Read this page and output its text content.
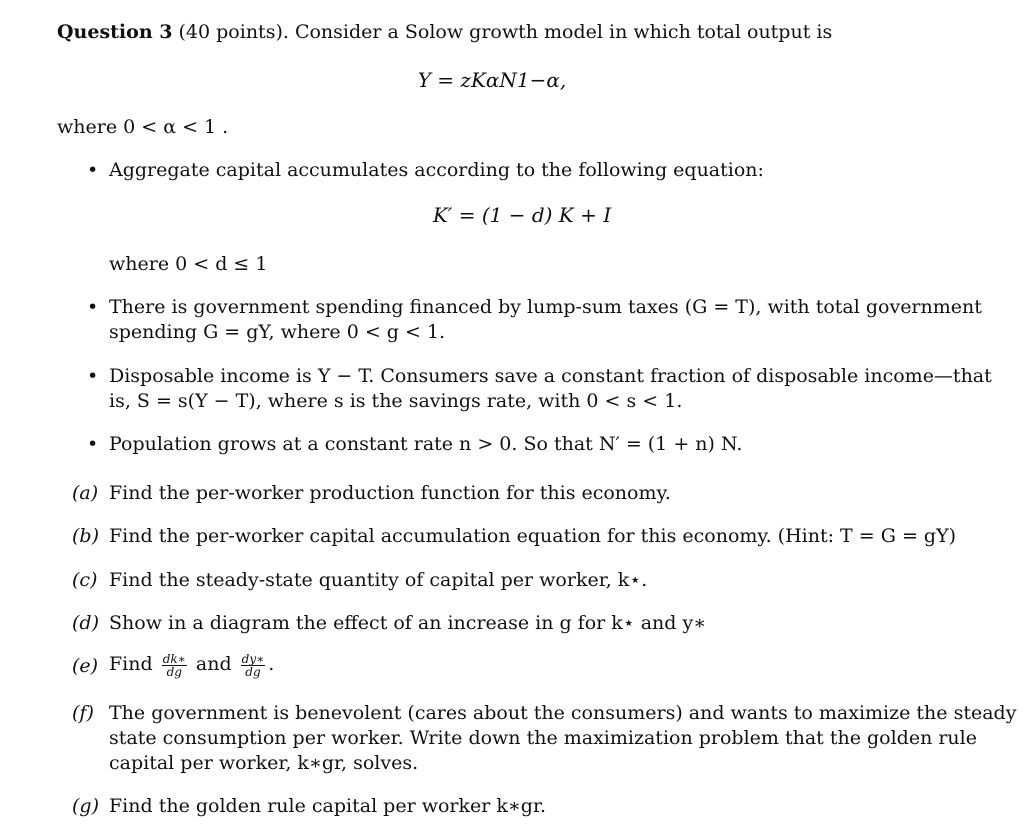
Question 3 (40 points). Consider a Solow growth model in which total output is
Y = zKαN1−α,
where 0 < α < 1 .
• Aggregate capital accumulates according to the following equation:
K′ = (1 − d) K + I
where 0 < d ≤ 1
• There is government spending financed by lump-sum taxes (G = T), with total government
spending G = gY, where 0 < g < 1.
• Disposable income is Y − T. Consumers save a constant fraction of disposable income—that
is, S = s(Y − T), where s is the savings rate, with 0 < s < 1.
• Population grows at a constant rate n > 0. So that N′ = (1 + n) N.
(a) Find the per-worker production function for this economy.
(b) Find the per-worker capital accumulation equation for this economy. (Hint: T = G = gY)
(c) Find the steady-state quantity of capital per worker, k⋆.
(d) Show in a diagram the effect of an increase in g for k⋆ and y∗
(e) Find $\frac{dk∗}{dg}$ and $\frac{dy∗}{dg}$ .
(f) The government is benevolent (cares about the consumers) and wants to maximize the steady
state consumption per worker. Write down the maximization problem that the golden rule
capital per worker, k∗gr, solves.
(g) Find the golden rule capital per worker k∗gr.
